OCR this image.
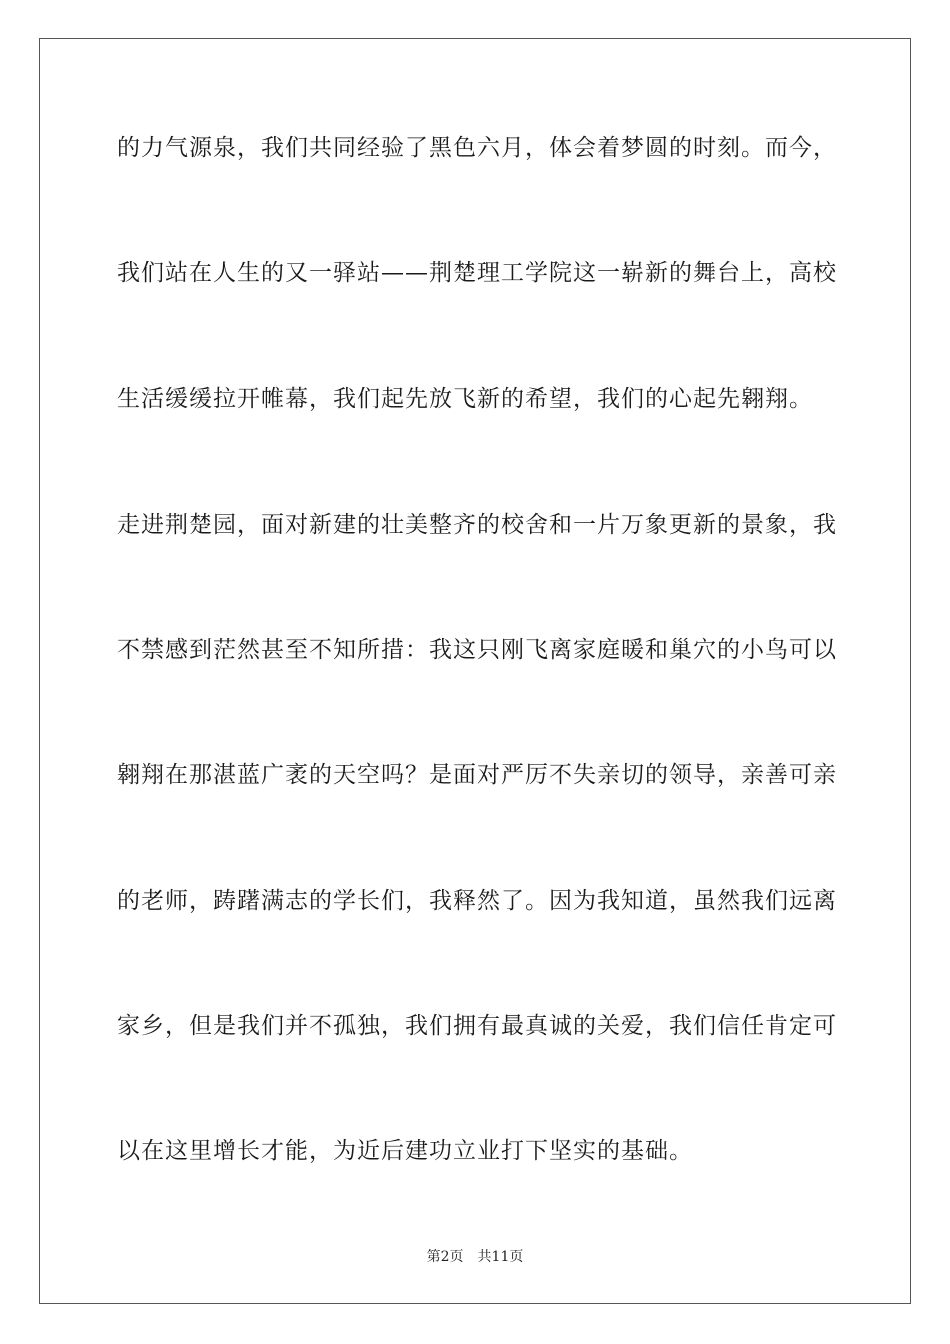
的力气源泉，我们共同经验了黑色六月，体会着梦圆的时刻。而今，
我们站在人生的又一驿站——荆楚理工学院这一崭新的舞台上，高校
生活缓缓拉开帷幕，我们起先放飞新的希望，我们的心起先翱翔。
走进荆楚园，面对新建的壮美整齐的校舍和一片万象更新的景象，我
不禁感到茫然甚至不知所措：我这只刚飞离家庭暖和巢穴的小鸟可以
翱翔在那湛蓝广袤的天空吗？是面对严厉不失亲切的领导，亲善可亲
的老师，踌躇满志的学长们，我释然了。因为我知道，虽然我们远离
家乡，但是我们并不孤独，我们拥有最真诚的关爱，我们信任肯定可
以在这里增长才能，为近后建功立业打下坚实的基础。
第2页 共11页
